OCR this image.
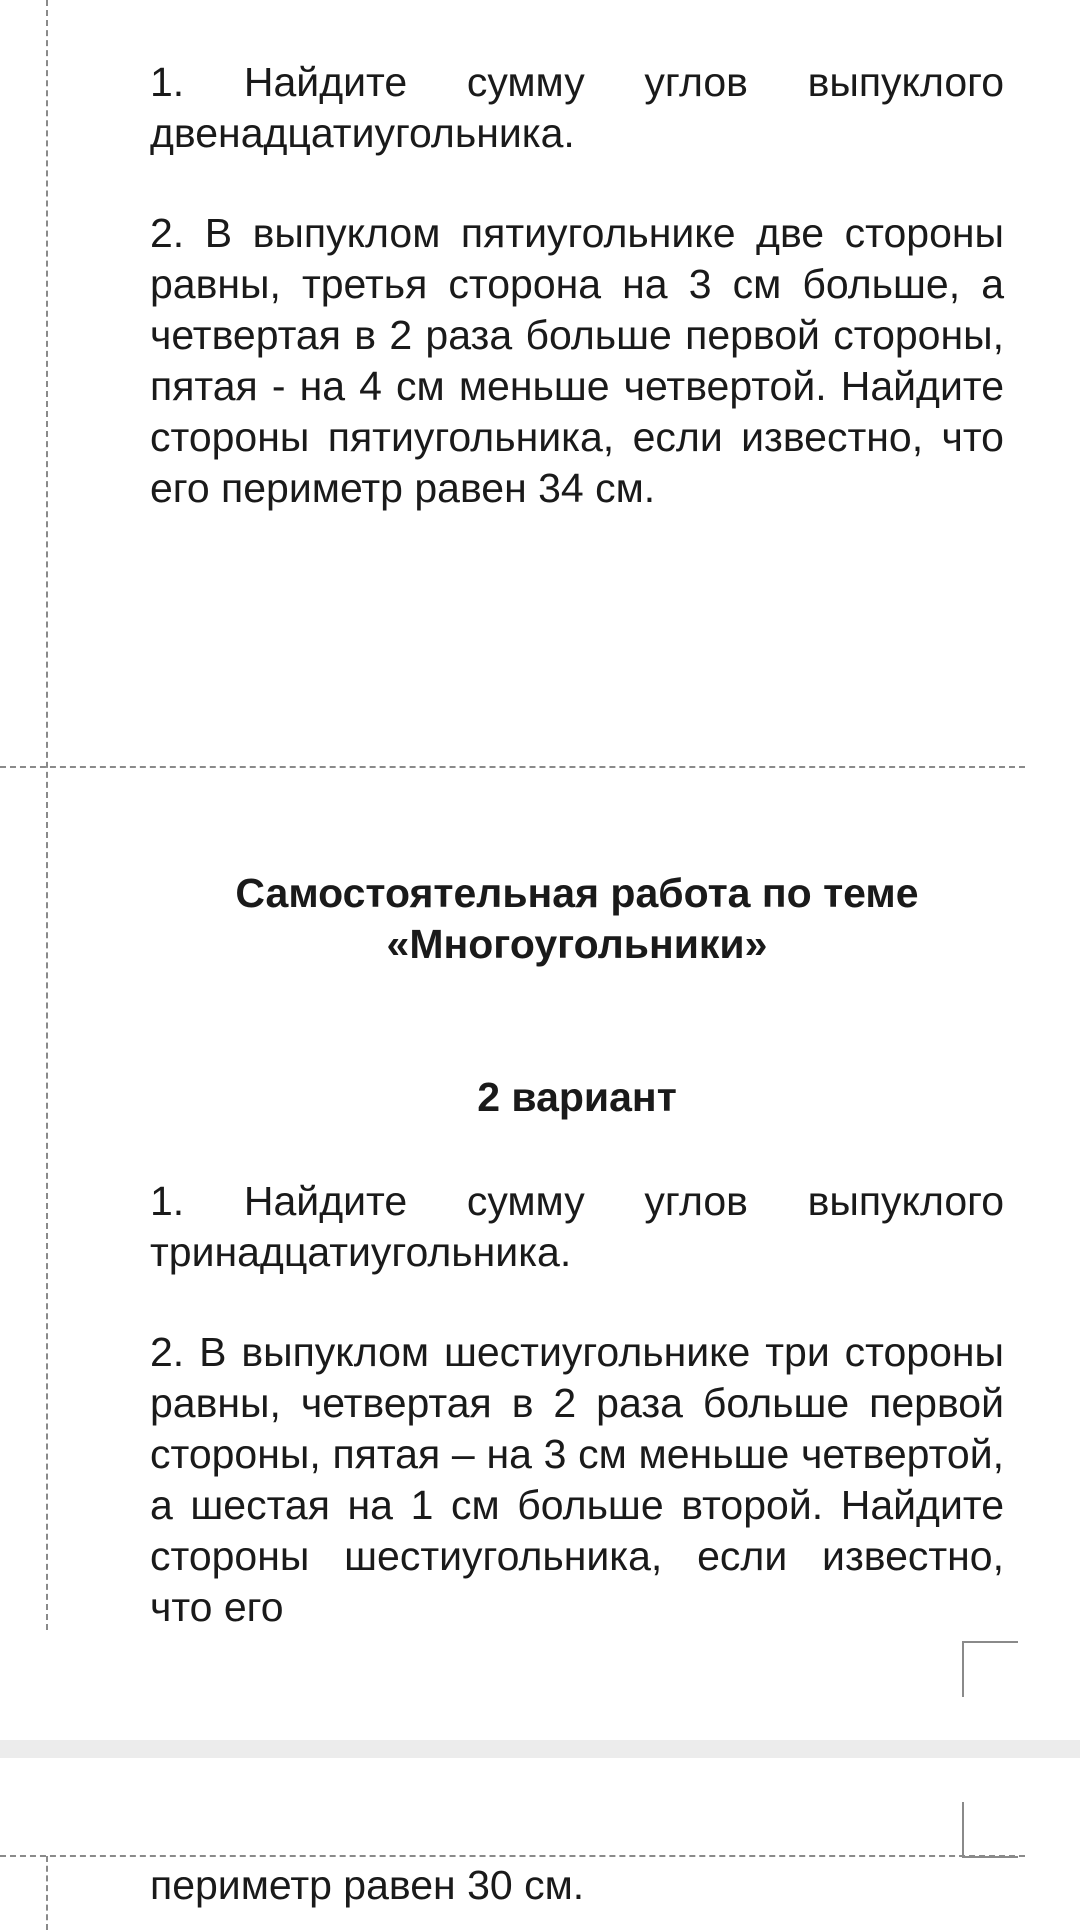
1. Найдите сумму углов выпуклого двенадцатиугольника.

2. В выпуклом пятиугольнике две стороны равны, третья сторона на 3 см больше, а четвертая в 2 раза больше первой стороны, пятая - на 4 см меньше четвертой. Найдите стороны пятиугольника, если известно, что его периметр равен 34 см.

Самостоятельная работа по теме
«Многоугольники»
2 вариант

1. Найдите сумму углов выпуклого тринадцатиугольника.

2. В выпуклом шестиугольнике три стороны равны, четвертая в 2 раза больше первой стороны, пятая – на 3 см меньше четвертой, а шестая на 1 см больше второй. Найдите стороны шестиугольника, если известно, что его

периметр равен 30 см.
